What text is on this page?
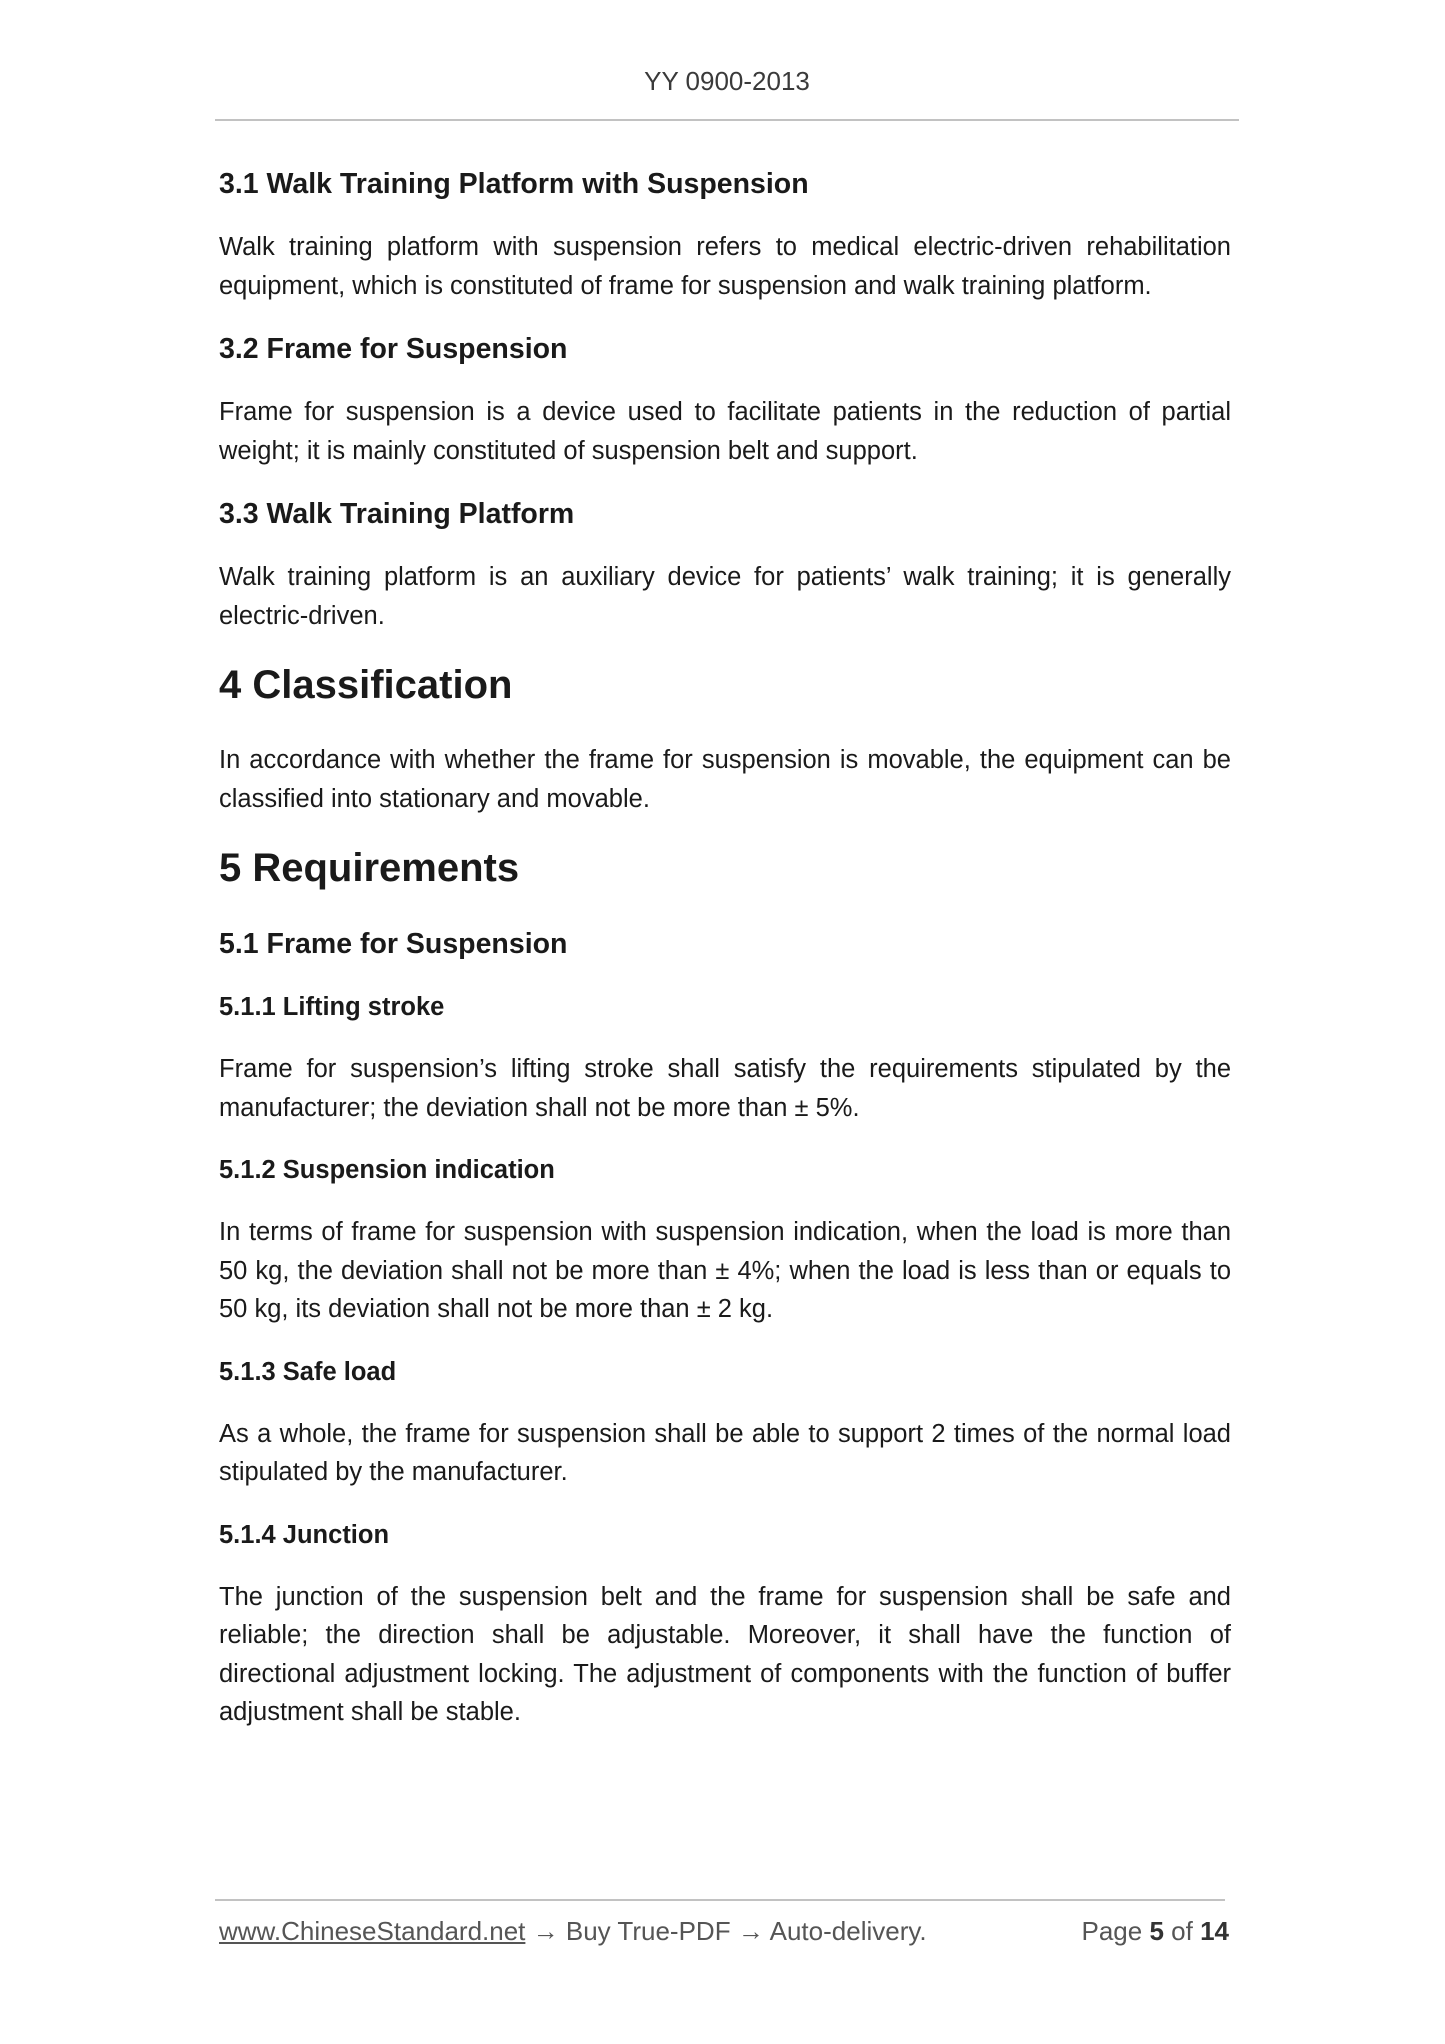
YY 0900-2013
3.1 Walk Training Platform with Suspension

Walk training platform with suspension refers to medical electric-driven rehabilitation equipment, which is constituted of frame for suspension and walk training platform.

3.2 Frame for Suspension

Frame for suspension is a device used to facilitate patients in the reduction of partial weight; it is mainly constituted of suspension belt and support.

3.3 Walk Training Platform

Walk training platform is an auxiliary device for patients’ walk training; it is generally electric-driven.

4 Classification

In accordance with whether the frame for suspension is movable, the equipment can be classified into stationary and movable.

5 Requirements
5.1 Frame for Suspension
5.1.1 Lifting stroke

Frame for suspension’s lifting stroke shall satisfy the requirements stipulated by the manufacturer; the deviation shall not be more than ± 5%.

5.1.2 Suspension indication

In terms of frame for suspension with suspension indication, when the load is more than 50 kg, the deviation shall not be more than ± 4%; when the load is less than or equals to 50 kg, its deviation shall not be more than ± 2 kg.

5.1.3 Safe load

As a whole, the frame for suspension shall be able to support 2 times of the normal load stipulated by the manufacturer.

5.1.4 Junction

The junction of the suspension belt and the frame for suspension shall be safe and reliable; the direction shall be adjustable. Moreover, it shall have the function of directional adjustment locking. The adjustment of components with the function of buffer adjustment shall be stable.

www.ChineseStandard.net → Buy True-PDF → Auto-delivery.	Page 5 of 14
